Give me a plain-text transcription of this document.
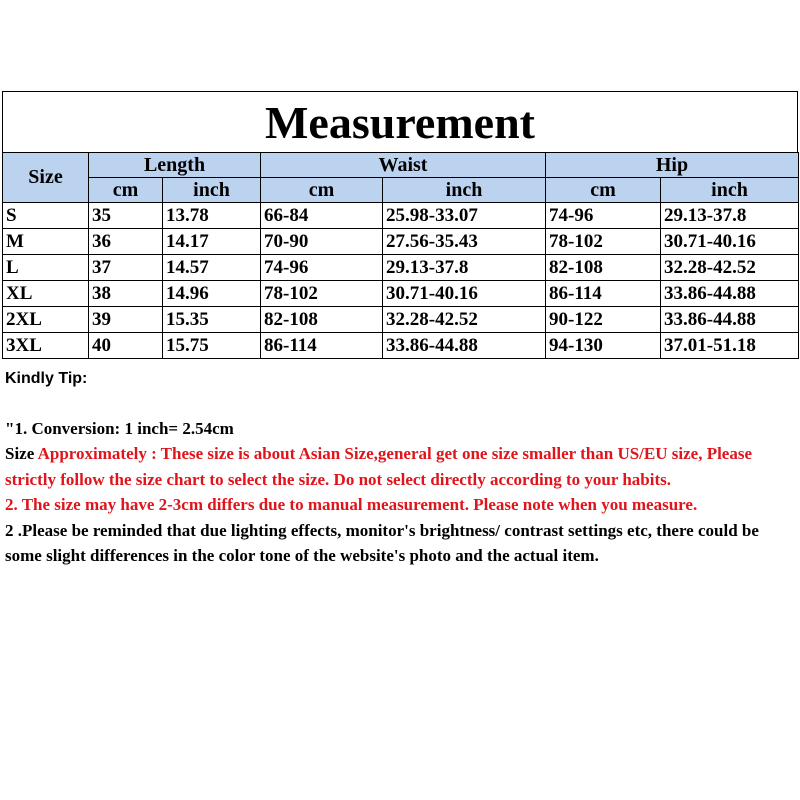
Measurement
Size	Length		Waist		Hip	
	cm	inch	cm	inch	cm	inch
S	35	13.78	66-84	25.98-33.07	74-96	29.13-37.8
M	36	14.17	70-90	27.56-35.43	78-102	30.71-40.16
L	37	14.57	74-96	29.13-37.8	82-108	32.28-42.52
XL	38	14.96	78-102	30.71-40.16	86-114	33.86-44.88
2XL	39	15.35	82-108	32.28-42.52	90-122	33.86-44.88
3XL	40	15.75	86-114	33.86-44.88	94-130	37.01-51.18

Kindly Tip:

"1. Conversion: 1 inch= 2.54cm

Size Approximately : These size is about Asian Size,general get one size smaller than US/EU size, Please strictly follow the size chart to select the size. Do not select directly according to your habits.

2. The size may have 2-3cm differs due to manual measurement. Please note when you measure.

2 .Please be reminded that due lighting effects, monitor's brightness/ contrast settings etc, there could be some slight differences in the color tone of the website's photo and the actual item.
